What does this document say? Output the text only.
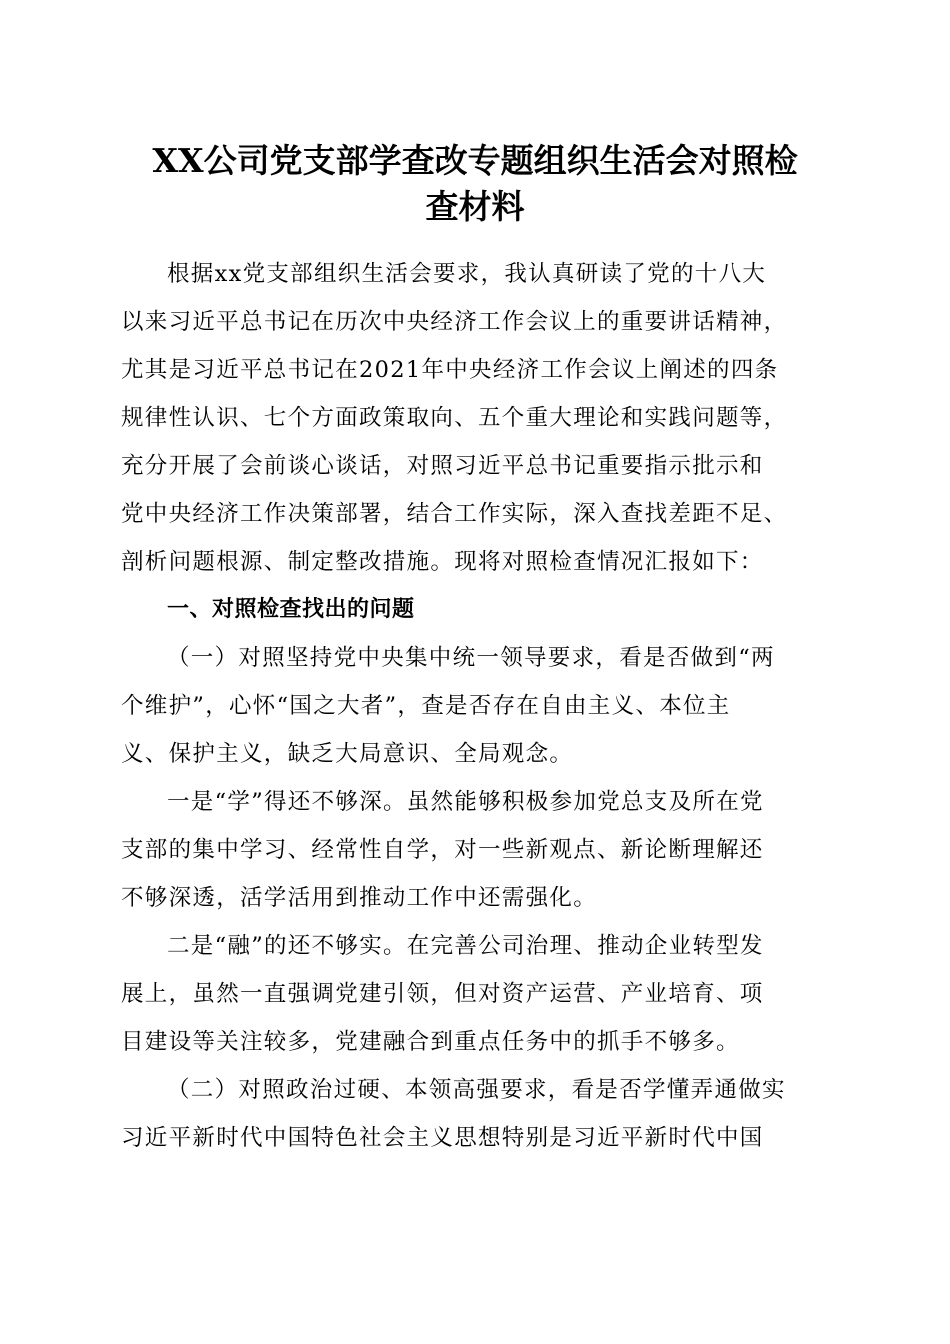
XX公司党支部学查改专题组织生活会对照检
查材料
根据xx党支部组织生活会要求，我认真研读了党的十八大
以来习近平总书记在历次中央经济工作会议上的重要讲话精神，
尤其是习近平总书记在2021年中央经济工作会议上阐述的四条
规律性认识、七个方面政策取向、五个重大理论和实践问题等，
充分开展了会前谈心谈话，对照习近平总书记重要指示批示和
党中央经济工作决策部署，结合工作实际，深入查找差距不足、
剖析问题根源、制定整改措施。现将对照检查情况汇报如下：
一、对照检查找出的问题
（一）对照坚持党中央集中统一领导要求，看是否做到“两
个维护”，心怀“国之大者”，查是否存在自由主义、本位主
义、保护主义，缺乏大局意识、全局观念。
一是“学”得还不够深。虽然能够积极参加党总支及所在党
支部的集中学习、经常性自学，对一些新观点、新论断理解还
不够深透，活学活用到推动工作中还需强化。
二是“融”的还不够实。在完善公司治理、推动企业转型发
展上，虽然一直强调党建引领，但对资产运营、产业培育、项
目建设等关注较多，党建融合到重点任务中的抓手不够多。
（二）对照政治过硬、本领高强要求，看是否学懂弄通做实
习近平新时代中国特色社会主义思想特别是习近平新时代中国
